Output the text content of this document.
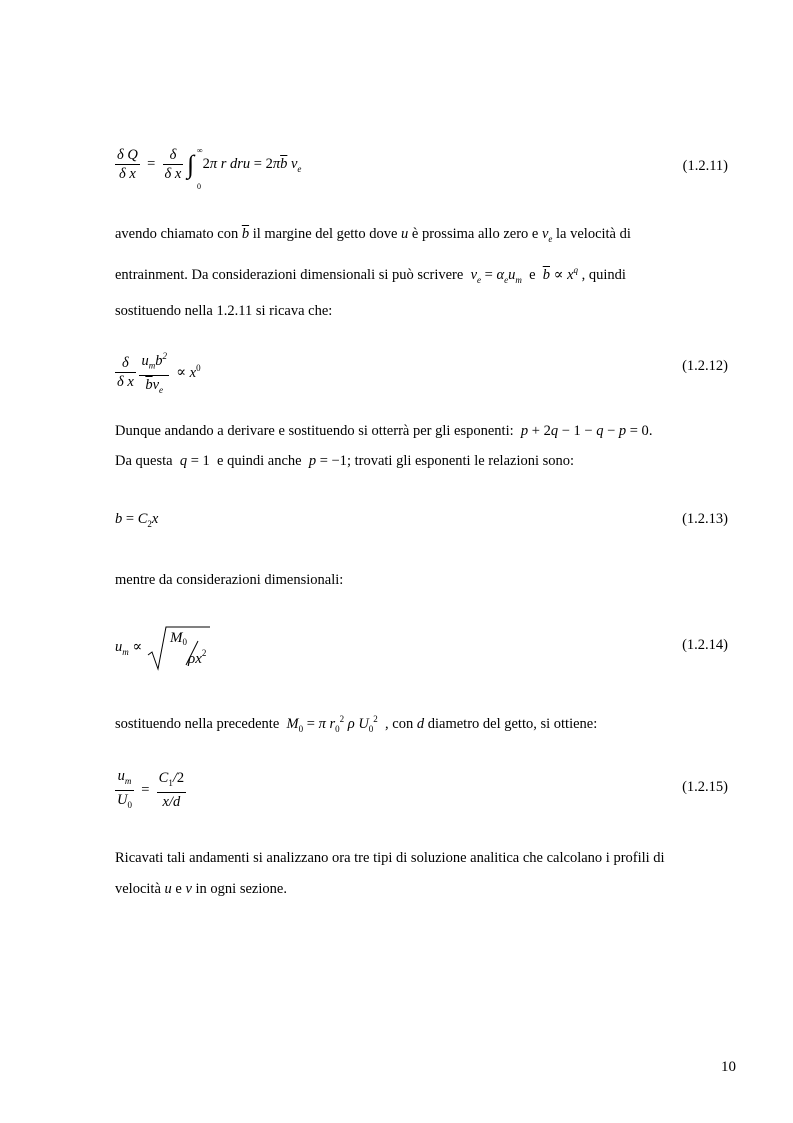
$\frac{\text{δ Q}}{\text{δ x}} = \frac{\delta}{\text{δ x}}$ ∫ ∞
0
2π r dru = $2\pi\overline{b}$ $v_e$	(1.2.11)
avendo chiamato con $\overline{b}$ il margine del getto dove u è prossima allo zero e $v_e$ la velocità di
entrainment. Da considerazioni dimensionali si può scrivere  $v_e = \alpha_eu_m$ e $\overline{b} \propto x^q$ , quindi
sostituendo nella 1.2.11 si ricava che:
$\frac{\delta}{\text{δ x}}$
$\frac{u_mb^2}{\overline{b}v_e} \propto x^0$	(1.2.12)
Dunque andando a derivare e sostituendo si otterrà per gli esponenti:  p + 2q − 1 − q − p = 0.
Da questa  q = 1 e quindi anche  p = −1; trovati gli esponenti le relazioni sono:
$b = C_2x$	(1.2.13)
mentre da considerazioni dimensionali:
$u_m$ ∝
$M_0$
$\rho x^2$	(1.2.14)
sostituendo nella precedente  $M_0 = \pi$ $r_0^2$ ρ $U_0^2$ , con d diametro del getto, si ottiene:
$\frac{u_m}{U_0} = \frac{C_1/2}{x/d}$	(1.2.15)
Ricavati tali andamenti si analizzano ora tre tipi di soluzione analitica che calcolano i profili di
velocità u e v in ogni sezione.
10
